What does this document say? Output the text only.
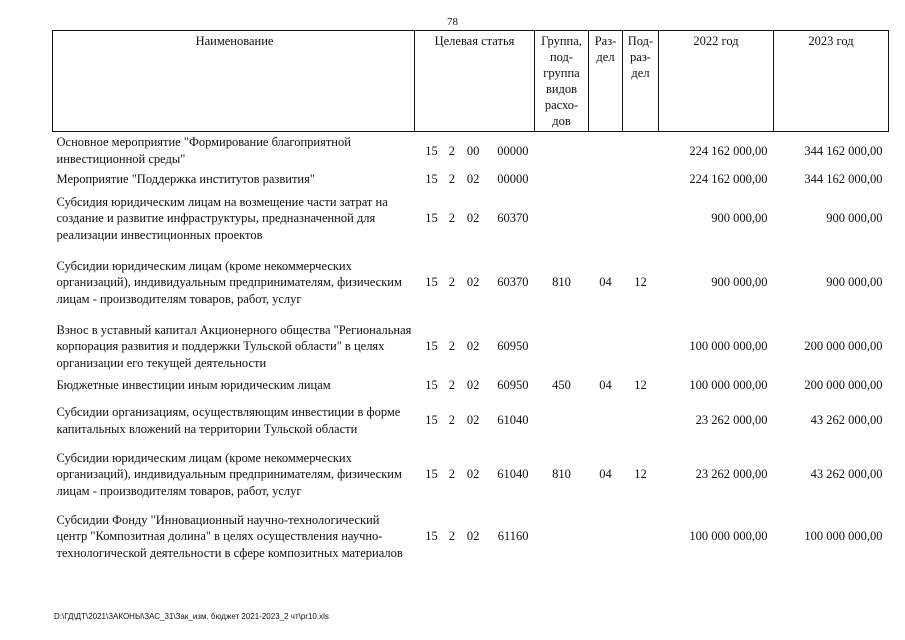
78
Наименование	Целевая статья	Группа, под- группа видов расхо- дов	Раз- дел	Под- раз- дел	2022 год	2023 год
Основное мероприятие "Формирование благоприятной инвестиционной среды"	15 2 00 00000				224 162 000,00	344 162 000,00
Мероприятие "Поддержка институтов развития"	15 2 02 00000				224 162 000,00	344 162 000,00
Субсидия юридическим лицам на возмещение части затрат на создание и развитие инфраструктуры, предназначенной для реализации инвестиционных проектов	15 2 02 60370				900 000,00	900 000,00
Субсидии юридическим лицам (кроме некоммерческих организаций), индивидуальным предпринимателям, физическим лицам - производителям товаров, работ, услуг	15 2 02 60370	810	04	12	900 000,00	900 000,00
Взнос в уставный капитал Акционерного общества "Региональная корпорация развития и поддержки Тульской области" в целях организации его текущей деятельности	15 2 02 60950				100 000 000,00	200 000 000,00
Бюджетные инвестиции иным юридическим лицам	15 2 02 60950	450	04	12	100 000 000,00	200 000 000,00
Субсидии организациям, осуществляющим инвестиции в форме капитальных вложений на территории Тульской области	15 2 02 61040				23 262 000,00	43 262 000,00
Субсидии юридическим лицам (кроме некоммерческих организаций), индивидуальным предпринимателям, физическим лицам - производителям товаров, работ, услуг	15 2 02 61040	810	04	12	23 262 000,00	43 262 000,00
Субсидии Фонду "Инновационный научно-технологический центр "Композитная долина" в целях осуществления научно-технологической деятельности в сфере композитных материалов	15 2 02 61160				100 000 000,00	100 000 000,00
D:\ГД\ДТ\2021\ЗАКОНЫ\ЗАС_31\Зак_изм. бюджет 2021-2023_2 чт\pr10.xls
